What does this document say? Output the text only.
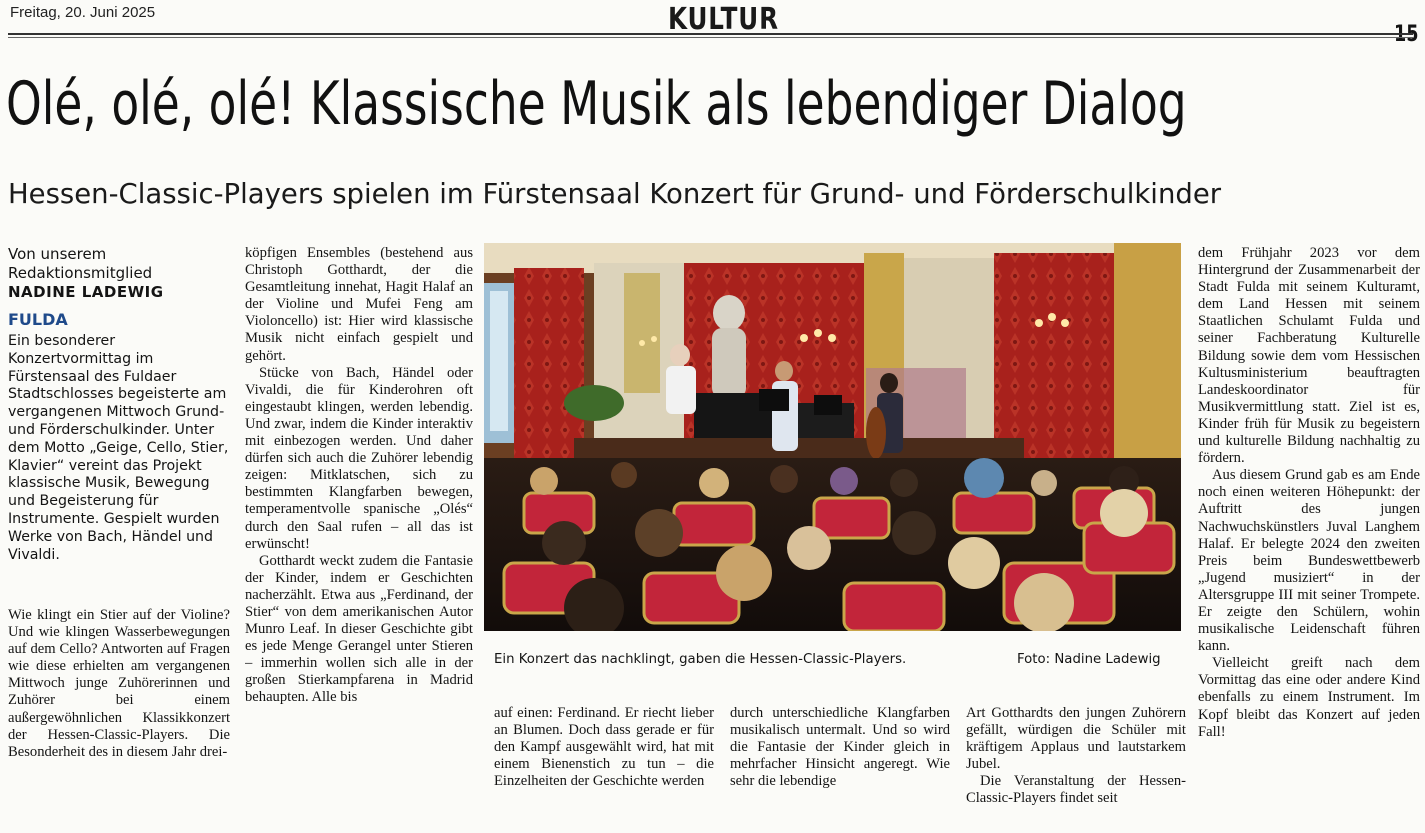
Freitag, 20. Juni 2025	KULTUR	15
Olé, olé, olé! Klassische Musik als lebendiger Dialog
Hessen-Classic-Players spielen im Fürstensaal Konzert für Grund- und Förderschulkinder
Von unserem
Redaktionsmitglied
NADINE LADEWIG
FULDA
Ein besonderer Konzertvormittag im Fürstensaal des Fuldaer Stadtschlosses begeisterte am vergangenen Mittwoch Grund- und Förderschulkinder. Unter dem Motto „Geige, Cello, Stier, Klavier“ vereint das Projekt klassische Musik, Bewegung und Begeisterung für Instrumente. Gespielt wurden Werke von Bach, Händel und Vivaldi.

Wie klingt ein Stier auf der Violine? Und wie klingen Wasserbewegungen auf dem Cello? Antworten auf Fragen wie diese erhielten am vergangenen Mittwoch junge Zuhörerinnen und Zuhörer bei einem außergewöhnlichen Klassikkonzert der Hessen-Classic-Players. Die Besonderheit des in diesem Jahr drei-

köpfigen Ensembles (bestehend aus Christoph Gotthardt, der die Gesamtleitung innehat, Hagit Halaf an der Violine und Mufei Feng am Violoncello) ist: Hier wird klassische Musik nicht einfach gespielt und gehört.

Stücke von Bach, Händel oder Vivaldi, die für Kinderohren oft eingestaubt klingen, werden lebendig. Und zwar, indem die Kinder interaktiv mit einbezogen werden. Und daher dürfen sich auch die Zuhörer lebendig zeigen: Mitklatschen, sich zu bestimmten Klangfarben bewegen, temperamentvolle spanische „Olés“ durch den Saal rufen – all das ist erwünscht!

Gotthardt weckt zudem die Fantasie der Kinder, indem er Geschichten nacherzählt. Etwa aus „Ferdinand, der Stier“ von dem amerikanischen Autor Munro Leaf. In dieser Geschichte gibt es jede Menge Gerangel unter Stieren – immerhin wollen sich alle in der großen Stierkampfarena in Madrid behaupten. Alle bis

Ein Konzert das nachklingt, gaben die Hessen-Classic-Players.	Foto: Nadine Ladewig

auf einen: Ferdinand. Er riecht lieber an Blumen. Doch dass gerade er für den Kampf ausgewählt wird, hat mit einem Bienenstich zu tun – die Einzelheiten der Geschichte werden

durch unterschiedliche Klangfarben musikalisch untermalt. Und so wird die Fantasie der Kinder gleich in mehrfacher Hinsicht angeregt. Wie sehr die lebendige

Art Gotthardts den jungen Zuhörern gefällt, würdigen die Schüler mit kräftigem Applaus und lautstarkem Jubel.

Die Veranstaltung der Hessen-Classic-Players findet seit

dem Frühjahr 2023 vor dem Hintergrund der Zusammenarbeit der Stadt Fulda mit seinem Kulturamt, dem Land Hessen mit seinem Staatlichen Schulamt Fulda und seiner Fachberatung Kulturelle Bildung sowie dem vom Hessischen Kultusministerium beauftragten Landeskoordinator für Musikvermittlung statt. Ziel ist es, Kinder früh für Musik zu begeistern und kulturelle Bildung nachhaltig zu fördern.

Aus diesem Grund gab es am Ende noch einen weiteren Höhepunkt: der Auftritt des jungen Nachwuchskünstlers Juval Langhem Halaf. Er belegte 2024 den zweiten Preis beim Bundeswettbewerb „Jugend musiziert“ in der Altersgruppe III mit seiner Trompete. Er zeigte den Schülern, wohin musikalische Leidenschaft führen kann.

Vielleicht greift nach dem Vormittag das eine oder andere Kind ebenfalls zu einem Instrument. Im Kopf bleibt das Konzert auf jeden Fall!
